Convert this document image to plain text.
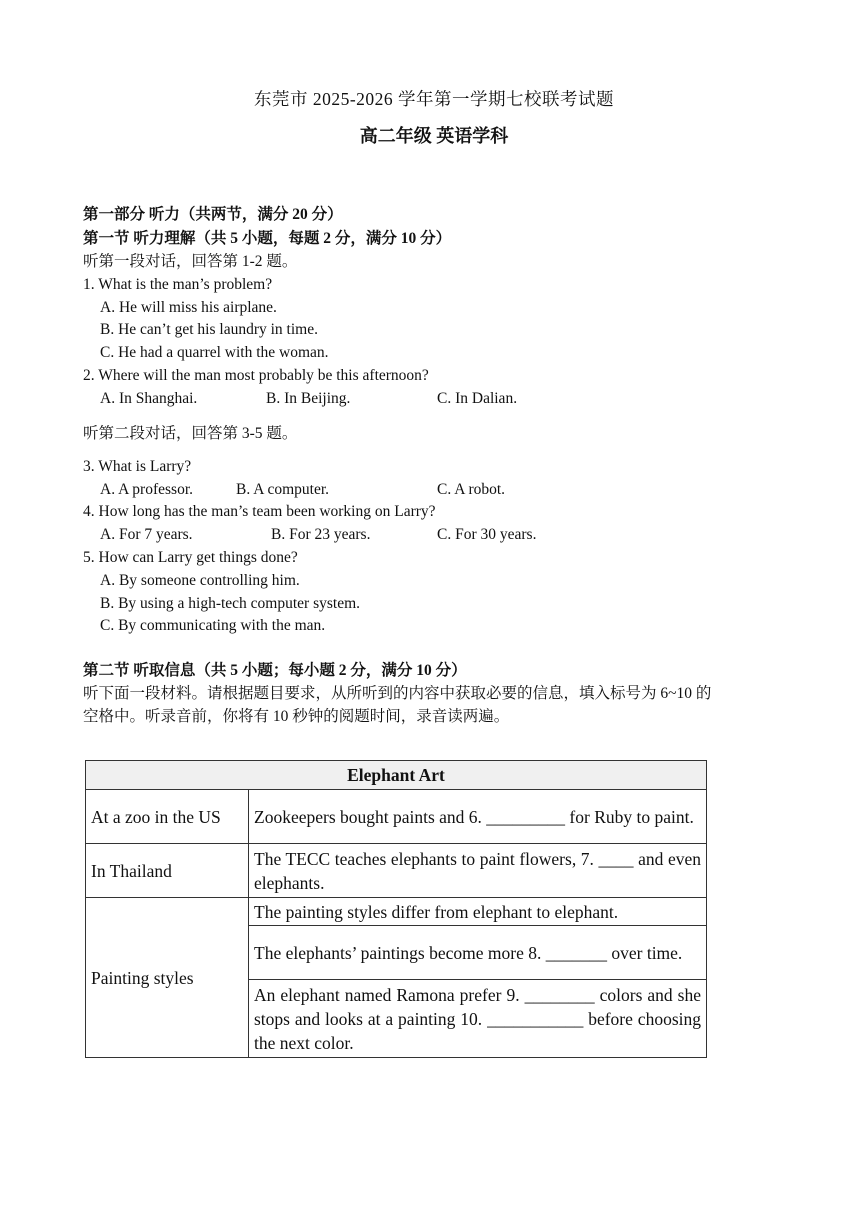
东莞市 2025-2026 学年第一学期七校联考试题
高二年级 英语学科
第一部分 听力（共两节，满分 20 分）
第一节 听力理解（共 5 小题，每题 2 分，满分 10 分）
听第一段对话，回答第 1-2 题。
1. What is the man’s problem?
A. He will miss his airplane.
B. He can’t get his laundry in time.
C. He had a quarrel with the woman.
2. Where will the man most probably be this afternoon?
A. In Shanghai.	B. In Beijing.	C. In Dalian.
听第二段对话，回答第 3-5 题。
3. What is Larry?
A. A professor.	B. A computer.	C. A robot.
4. How long has the man’s team been working on Larry?
A. For 7 years.	B. For 23 years.	C. For 30 years.
5. How can Larry get things done?
A. By someone controlling him.
B. By using a high-tech computer system.
C. By communicating with the man.
第二节 听取信息（共 5 小题；每小题 2 分，满分 10 分）
听下面一段材料。请根据题目要求，从所听到的内容中获取必要的信息，填入标号为 6~10 的
空格中。听录音前，你将有 10 秒钟的阅题时间，录音读两遍。
Elephant Art	
At a zoo in the US	Zookeepers bought paints and 6. _________ for Ruby to paint.
In Thailand	The TECC teaches elephants to paint flowers, 7. ____ and even elephants.
Painting styles	The painting styles differ from elephant to elephant.
	The elephants’ paintings become more 8. _______ over time.
	An elephant named Ramona prefer 9. ________ colors and she stops and looks at a painting 10. ___________ before choosing the next color.
